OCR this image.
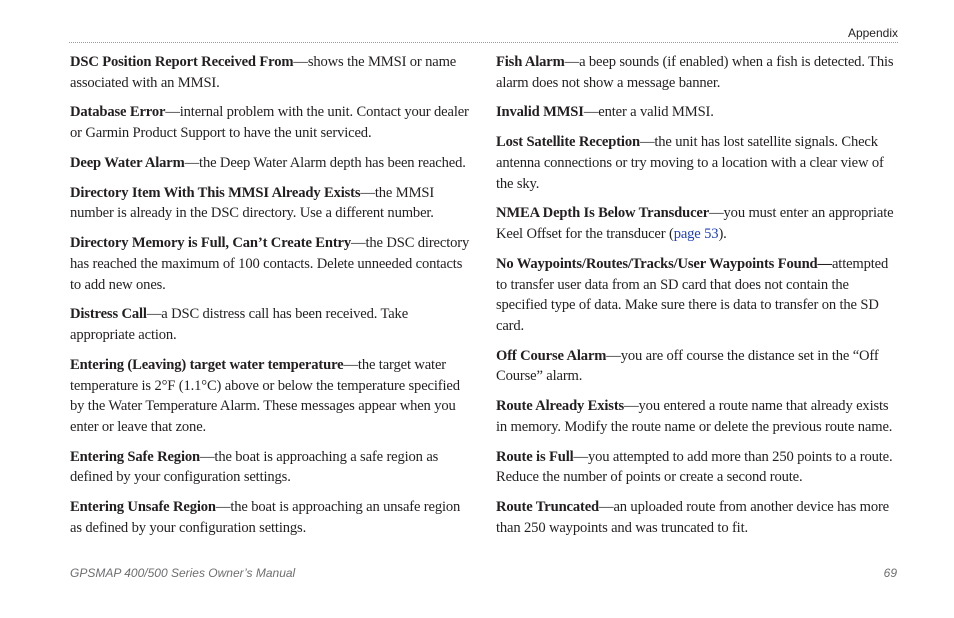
Appendix

DSC Position Report Received From—shows the MMSI or name associated with an MMSI.

Database Error—internal problem with the unit. Contact your dealer or Garmin Product Support to have the unit serviced.

Deep Water Alarm—the Deep Water Alarm depth has been reached.

Directory Item With This MMSI Already Exists—the MMSI number is already in the DSC directory. Use a different number.

Directory Memory is Full, Can’t Create Entry—the DSC directory has reached the maximum of 100 contacts. Delete unneeded contacts to add new ones.

Distress Call—a DSC distress call has been received. Take appropriate action.

Entering (Leaving) target water temperature—the target water temperature is 2°F (1.1°C) above or below the temperature specified by the Water Temperature Alarm. These messages appear when you enter or leave that zone.

Entering Safe Region—the boat is approaching a safe region as defined by your configuration settings.

Entering Unsafe Region—the boat is approaching an unsafe region as defined by your configuration settings.

Fish Alarm—a beep sounds (if enabled) when a fish is detected. This alarm does not show a message banner.

Invalid MMSI—enter a valid MMSI.

Lost Satellite Reception—the unit has lost satellite signals. Check antenna connections or try moving to a location with a clear view of the sky.

NMEA Depth Is Below Transducer—you must enter an appropriate Keel Offset for the transducer (page 53).

No Waypoints/Routes/Tracks/User Waypoints Found—attempted to transfer user data from an SD card that does not contain the specified type of data. Make sure there is data to transfer on the SD card.

Off Course Alarm—you are off course the distance set in the “Off Course” alarm.

Route Already Exists—you entered a route name that already exists in memory. Modify the route name or delete the previous route name.

Route is Full—you attempted to add more than 250 points to a route. Reduce the number of points or create a second route.

Route Truncated—an uploaded route from another device has more than 250 waypoints and was truncated to fit.

GPSMAP 400/500 Series Owner’s Manual	69
